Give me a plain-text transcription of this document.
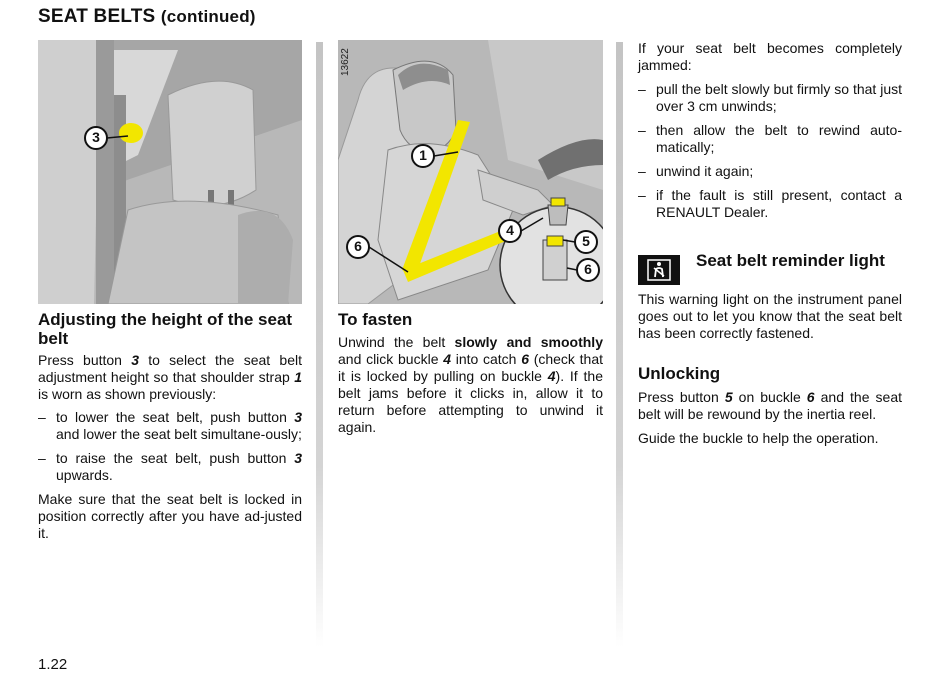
SEAT BELTS (continued)
3
Adjusting the height of the seat belt

Press button 3 to select the seat belt adjustment height so that shoulder strap 1 is worn as shown previously:

– to lower the seat belt, push button 3 and lower the seat belt simultane-ously;
– to raise the seat belt, push button 3 upwards.

Make sure that the seat belt is locked in position correctly after you have ad-justed it.

1
6
4
5
6
To fasten

Unwind the belt slowly and smoothly and click buckle 4 into catch 6 (check that it is locked by pulling on buckle 4). If the belt jams before it clicks in, allow it to return before attempting to unwind it again.

13622

If your seat belt becomes completely jammed:

– pull the belt slowly but firmly so that just over 3 cm unwinds;
– then allow the belt to rewind auto-matically;
– unwind it again;
– if the fault is still present, contact a RENAULT Dealer.
Seat belt reminder light

This warning light on the instrument panel goes out to let you know that the seat belt has been correctly fastened.

Unlocking

Press button 5 on buckle 6 and the seat belt will be rewound by the inertia reel.

Guide the buckle to help the operation.

1.22
